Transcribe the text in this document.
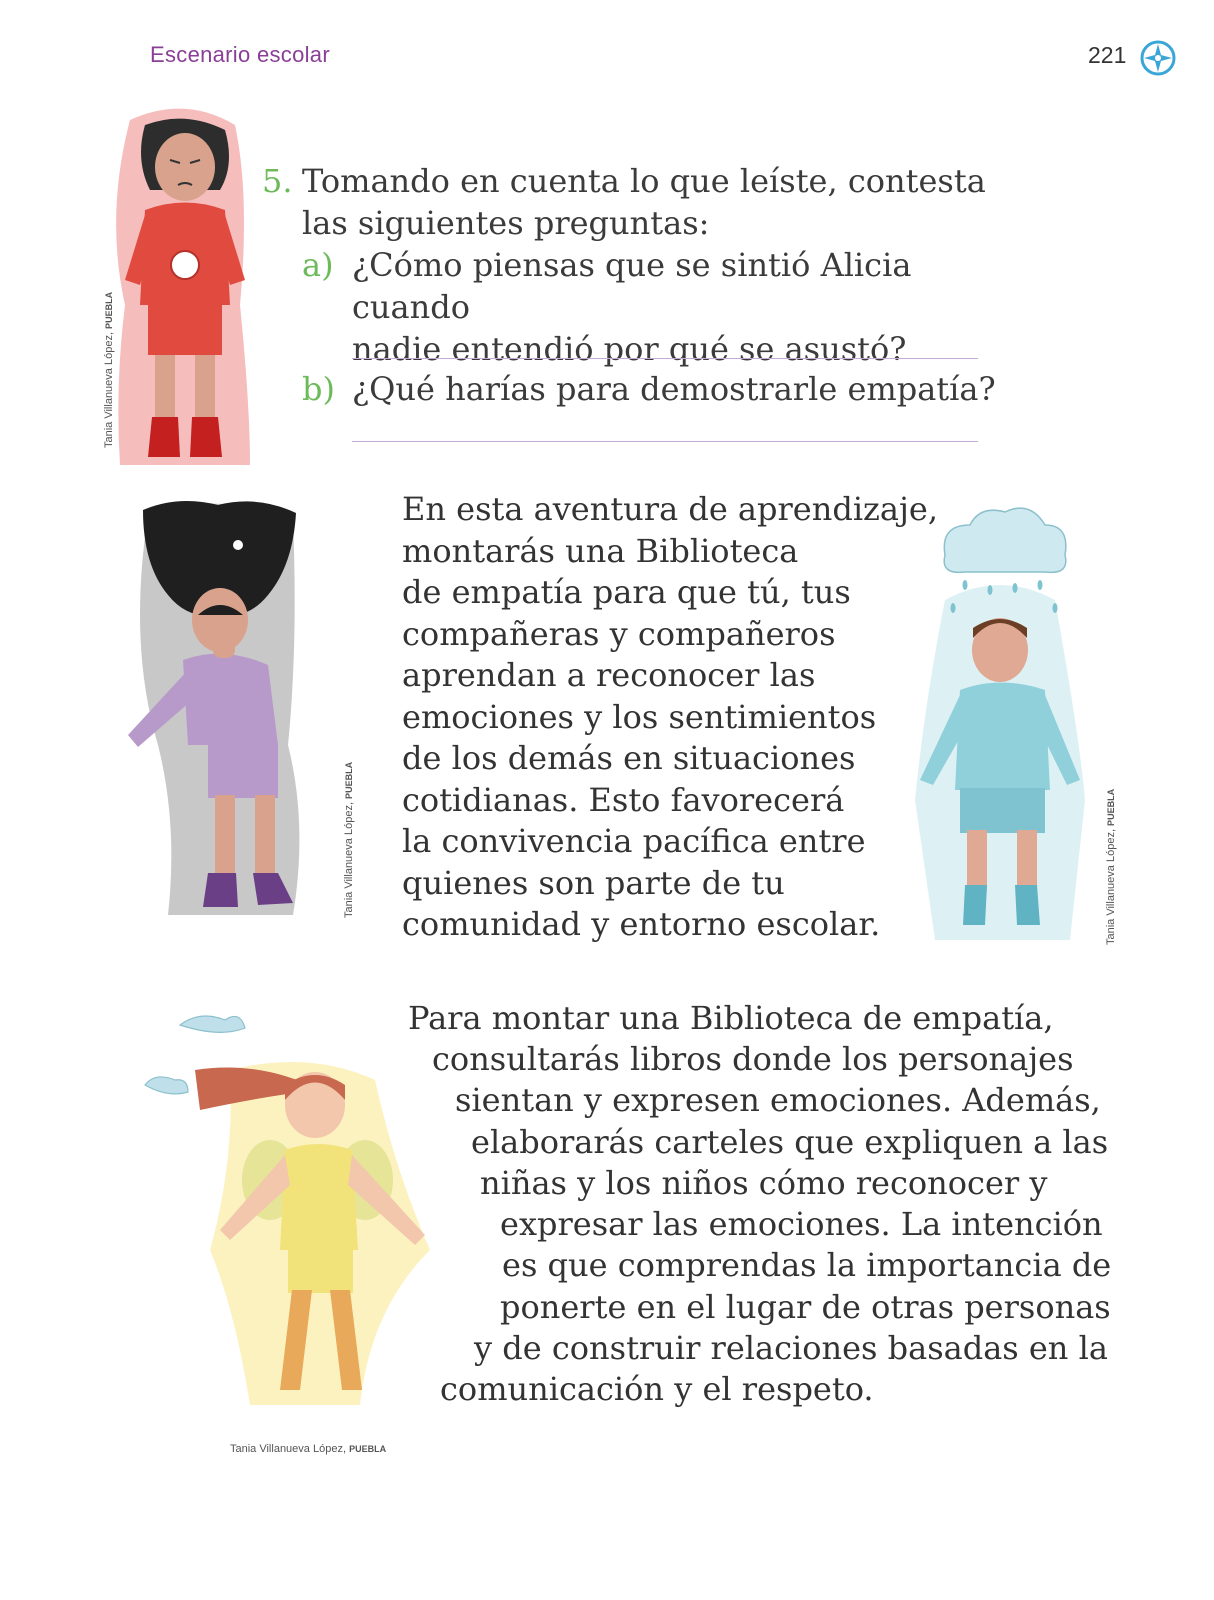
Escenario escolar	221
5. Tomando en cuenta lo que leíste, contesta
las siguientes preguntas:
a) ¿Cómo piensas que se sintió Alicia cuando
nadie entendió por qué se asustó?
b) ¿Qué harías para demostrarle empatía?
En esta aventura de aprendizaje,
montarás una Biblioteca
de empatía para que tú, tus
compañeras y compañeros
aprendan a reconocer las
emociones y los sentimientos
de los demás en situaciones
cotidianas. Esto favorecerá
la convivencia pacífica entre
quienes son parte de tu
comunidad y entorno escolar.
Para montar una Biblioteca de empatía,
consultarás libros donde los personajes
sientan y expresen emociones. Además,
elaborarás carteles que expliquen a las
niñas y los niños cómo reconocer y
expresar las emociones. La intención
es que comprendas la importancia de
ponerte en el lugar de otras personas
y de construir relaciones basadas en la
comunicación y el respeto.
Tania Villanueva López, PUEBLA
Tania Villanueva López, PUEBLA
Tania Villanueva López, PUEBLA
Tania Villanueva López, PUEBLA
